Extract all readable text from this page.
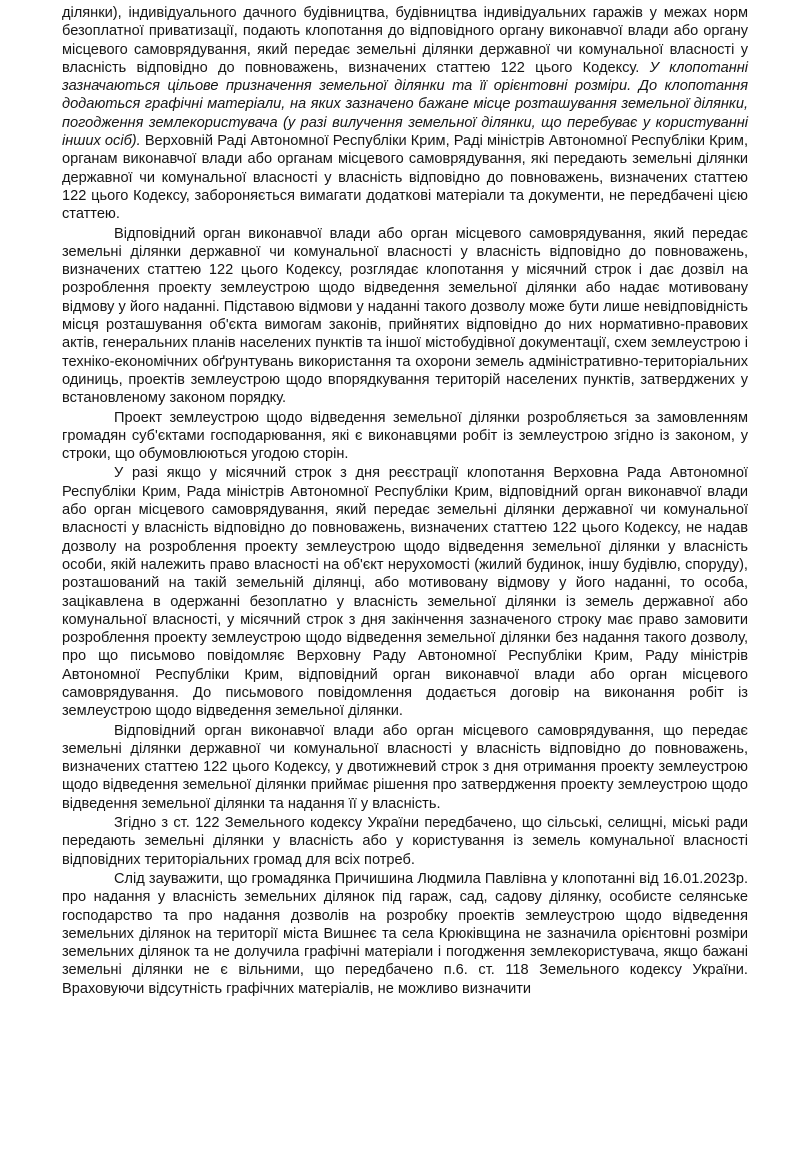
ділянки), індивідуального дачного будівництва, будівництва індивідуальних гаражів у межах норм безоплатної приватизації, подають клопотання до відповідного органу виконавчої влади або органу місцевого самоврядування, який передає земельні ділянки державної чи комунальної власності у власність відповідно до повноважень, визначених статтею 122 цього Кодексу. У клопотанні зазначаються цільове призначення земельної ділянки та її орієнтовні розміри. До клопотання додаються графічні матеріали, на яких зазначено бажане місце розташування земельної ділянки, погодження землекористувача (у разі вилучення земельної ділянки, що перебуває у користуванні інших осіб). Верховній Раді Автономної Республіки Крим, Раді міністрів Автономної Республіки Крим, органам виконавчої влади або органам місцевого самоврядування, які передають земельні ділянки державної чи комунальної власності у власність відповідно до повноважень, визначених статтею 122 цього Кодексу, забороняється вимагати додаткові матеріали та документи, не передбачені цією статтею.

Відповідний орган виконавчої влади або орган місцевого самоврядування, який передає земельні ділянки державної чи комунальної власності у власність відповідно до повноважень, визначених статтею 122 цього Кодексу, розглядає клопотання у місячний строк і дає дозвіл на розроблення проекту землеустрою щодо відведення земельної ділянки або надає мотивовану відмову у його наданні. Підставою відмови у наданні такого дозволу може бути лише невідповідність місця розташування об'єкта вимогам законів, прийнятих відповідно до них нормативно-правових актів, генеральних планів населених пунктів та іншої містобудівної документації, схем землеустрою і техніко-економічних обґрунтувань використання та охорони земель адміністративно-територіальних одиниць, проектів землеустрою щодо впорядкування територій населених пунктів, затверджених у встановленому законом порядку.

Проект землеустрою щодо відведення земельної ділянки розробляється за замовленням громадян суб'єктами господарювання, які є виконавцями робіт із землеустрою згідно із законом, у строки, що обумовлюються угодою сторін.

У разі якщо у місячний строк з дня реєстрації клопотання Верховна Рада Автономної Республіки Крим, Рада міністрів Автономної Республіки Крим, відповідний орган виконавчої влади або орган місцевого самоврядування, який передає земельні ділянки державної чи комунальної власності у власність відповідно до повноважень, визначених статтею 122 цього Кодексу, не надав дозволу на розроблення проекту землеустрою щодо відведення земельної ділянки у власність особи, якій належить право власності на об'єкт нерухомості (жилий будинок, іншу будівлю, споруду), розташований на такій земельній ділянці, або мотивовану відмову у його наданні, то особа, зацікавлена в одержанні безоплатно у власність земельної ділянки із земель державної або комунальної власності, у місячний строк з дня закінчення зазначеного строку має право замовити розроблення проекту землеустрою щодо відведення земельної ділянки без надання такого дозволу, про що письмово повідомляє Верховну Раду Автономної Республіки Крим, Раду міністрів Автономної Республіки Крим, відповідний орган виконавчої влади або орган місцевого самоврядування. До письмового повідомлення додається договір на виконання робіт із землеустрою щодо відведення земельної ділянки.

Відповідний орган виконавчої влади або орган місцевого самоврядування, що передає земельні ділянки державної чи комунальної власності у власність відповідно до повноважень, визначених статтею 122 цього Кодексу, у двотижневий строк з дня отримання проекту землеустрою щодо відведення земельної ділянки приймає рішення про затвердження проекту землеустрою щодо відведення земельної ділянки та надання її у власність.

Згідно з ст. 122 Земельного кодексу України передбачено, що сільські, селищні, міські ради передають земельні ділянки у власність або у користування із земель комунальної власності відповідних територіальних громад для всіх потреб.

Слід зауважити, що громадянка Причишина Людмила Павлівна у клопотанні від 16.01.2023р. про надання у власність земельних ділянок під гараж, сад, садову ділянку, особисте селянське господарство та про надання дозволів на розробку проектів землеустрою щодо відведення земельних ділянок на території міста Вишнеє та села Крюківщина не зазначила орієнтовні розміри земельних ділянок та не долучила графічні матеріали і погодження землекористувача, якщо бажані земельні ділянки не є вільними, що передбачено п.6. ст. 118 Земельного кодексу України. Враховуючи відсутність графічних матеріалів, не можливо визначити
